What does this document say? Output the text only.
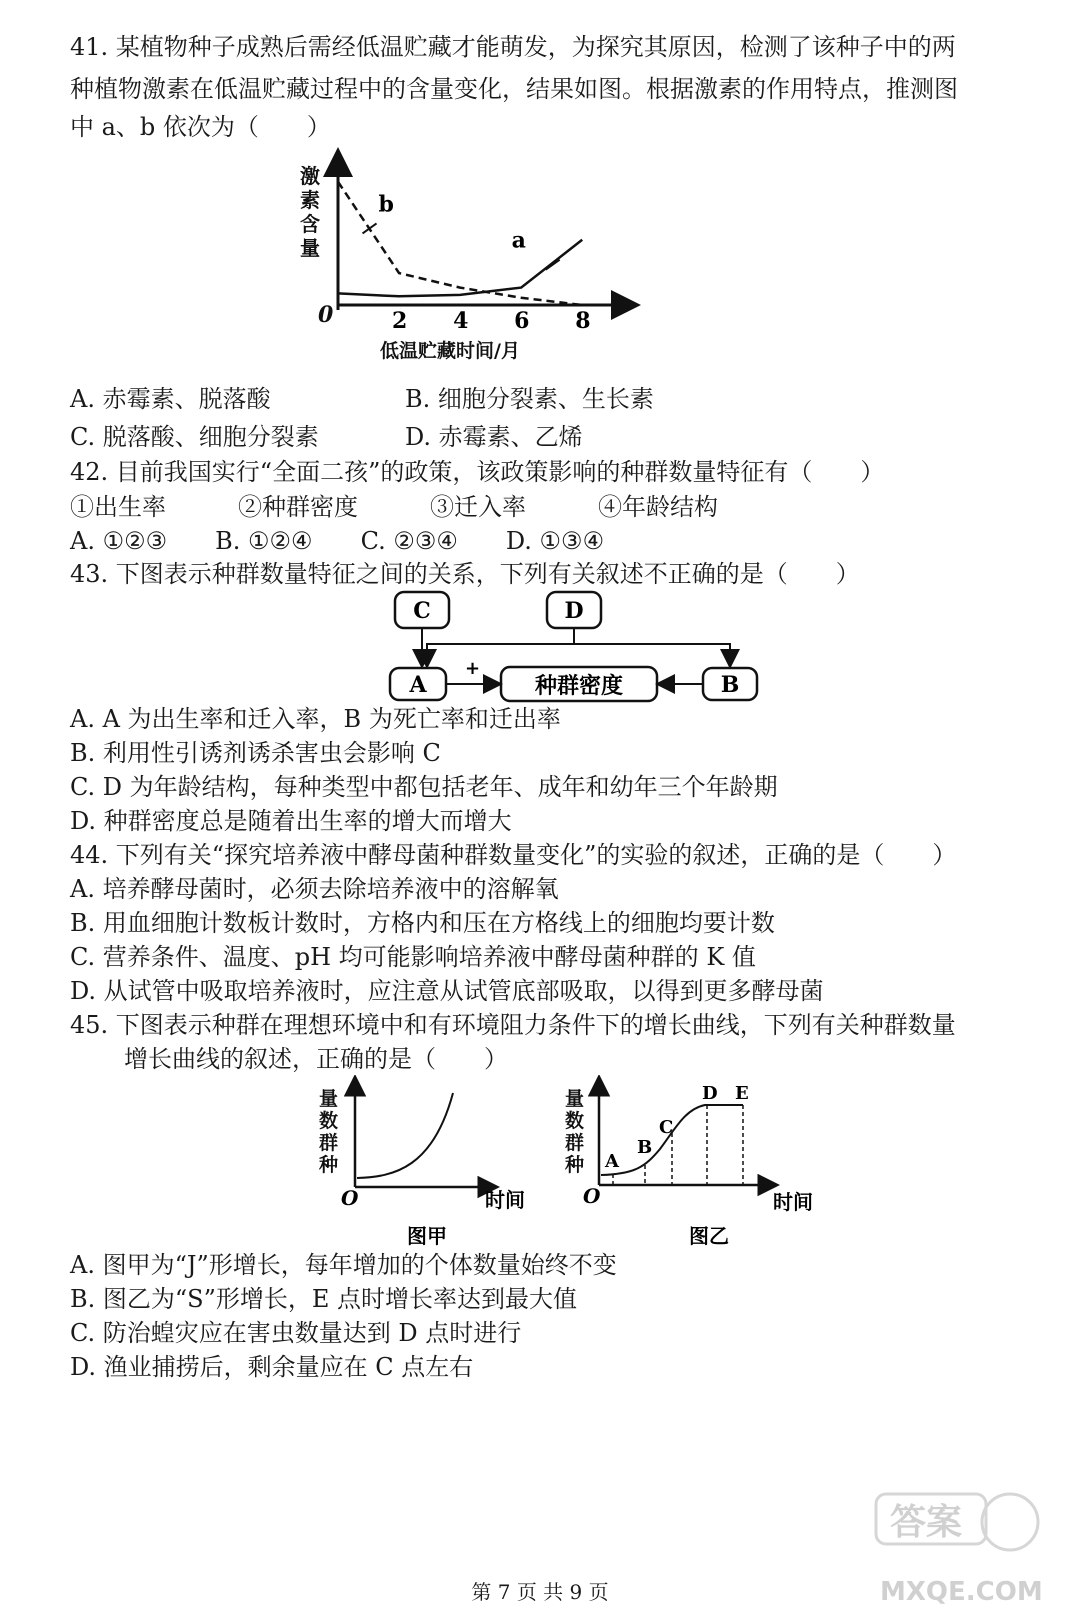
41. 某植物种子成熟后需经低温贮藏才能萌发，为探究其原因，检测了该种子中的两
种植物激素在低温贮藏过程中的含量变化，结果如图。根据激素的作用特点，推测图
中 a、b 依次为（　　）
激 素 含 量
0	2 4 6 8
a
b
低温贮藏时间/月
A. 赤霉素、脱落酸	B. 细胞分裂素、生长素
C. 脱落酸、细胞分裂素	D. 赤霉素、乙烯
42. 目前我国实行“全面二孩”的政策，该政策影响的种群数量特征有（　　）
①出生率　　　②种群密度　　　③迁入率　　　④年龄结构
A. ①②③　　B. ①②④　　C. ②③④　　D. ①③④
43. 下图表示种群数量特征之间的关系，下列有关叙述不正确的是（　　）
C	D
A	种群密度	B
+
A. A 为出生率和迁入率，B 为死亡率和迁出率
B. 利用性引诱剂诱杀害虫会影响 C
C. D 为年龄结构，每种类型中都包括老年、成年和幼年三个年龄期
D. 种群密度总是随着出生率的增大而增大
44. 下列有关“探究培养液中酵母菌种群数量变化”的实验的叙述，正确的是（　　）
A. 培养酵母菌时，必须去除培养液中的溶解氧
B. 用血细胞计数板计数时，方格内和压在方格线上的细胞均要计数
C. 营养条件、温度、pH 均可能影响培养液中酵母菌种群的 K 值
D. 从试管中吸取培养液时，应注意从试管底部吸取，以得到更多酵母菌
45. 下图表示种群在理想环境中和有环境阻力条件下的增长曲线，下列有关种群数量
增长曲线的叙述，正确的是（　　）
种 群 数 量
O	时间
图甲
种 群 数 量
A
B
C
D E
O	时间
图乙
A. 图甲为“J”形增长，每年增加的个体数量始终不变
B. 图乙为“S”形增长，E 点时增长率达到最大值
C. 防治蝗灾应在害虫数量达到 D 点时进行
D. 渔业捕捞后，剩余量应在 C 点左右
答案
MXQE.COM
第 7 页 共 9 页
